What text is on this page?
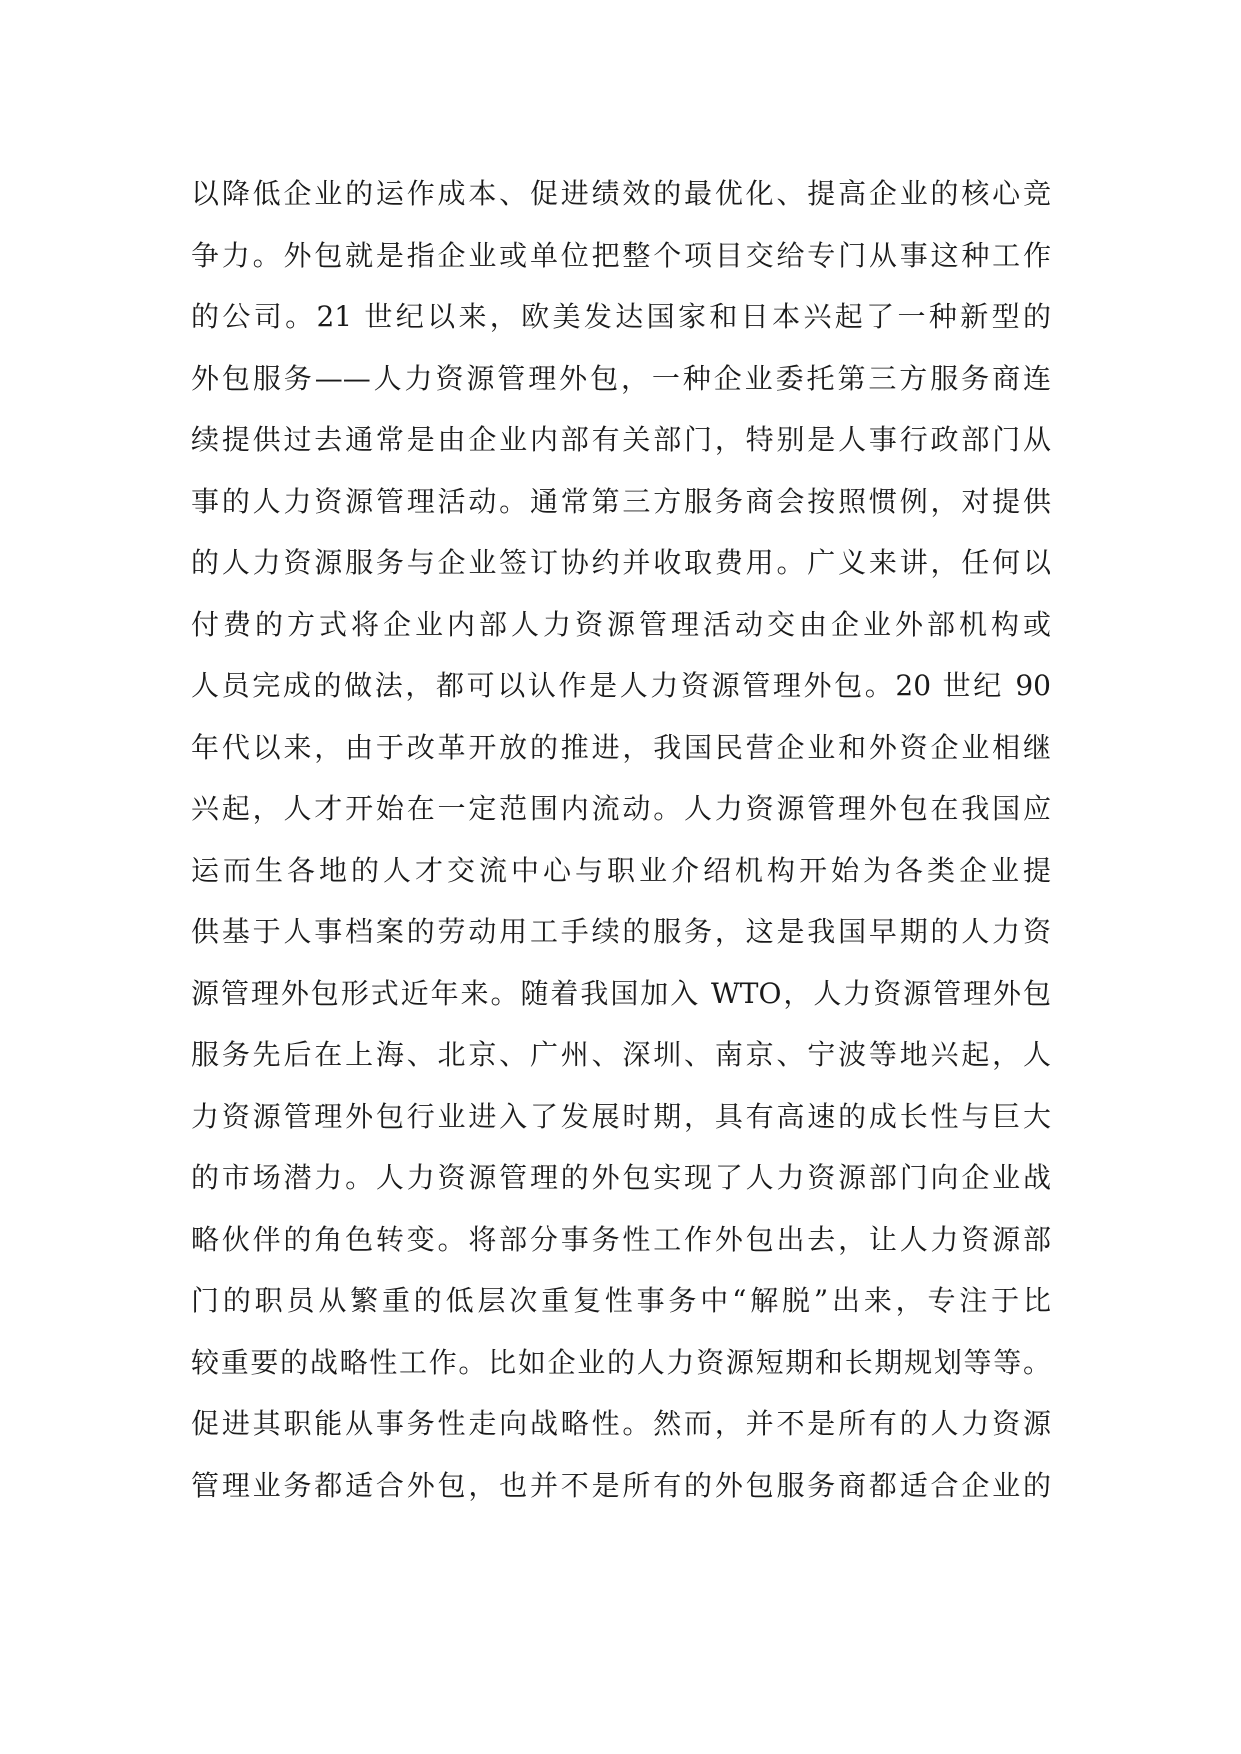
以降低企业的运作成本、促进绩效的最优化、提高企业的核心竞
争力。外包就是指企业或单位把整个项目交给专门从事这种工作
的公司。21 世纪以来，欧美发达国家和日本兴起了一种新型的
外包服务——人力资源管理外包，一种企业委托第三方服务商连
续提供过去通常是由企业内部有关部门，特别是人事行政部门从
事的人力资源管理活动。通常第三方服务商会按照惯例，对提供
的人力资源服务与企业签订协约并收取费用。广义来讲，任何以
付费的方式将企业内部人力资源管理活动交由企业外部机构或
人员完成的做法，都可以认作是人力资源管理外包。20 世纪 90
年代以来，由于改革开放的推进，我国民营企业和外资企业相继
兴起，人才开始在一定范围内流动。人力资源管理外包在我国应
运而生各地的人才交流中心与职业介绍机构开始为各类企业提
供基于人事档案的劳动用工手续的服务，这是我国早期的人力资
源管理外包形式近年来。随着我国加入 WTO，人力资源管理外包
服务先后在上海、北京、广州、深圳、南京、宁波等地兴起，人
力资源管理外包行业进入了发展时期，具有高速的成长性与巨大
的市场潜力。人力资源管理的外包实现了人力资源部门向企业战
略伙伴的角色转变。将部分事务性工作外包出去，让人力资源部
门的职员从繁重的低层次重复性事务中“解脱”出来，专注于比
较重要的战略性工作。比如企业的人力资源短期和长期规划等等。
促进其职能从事务性走向战略性。然而，并不是所有的人力资源
管理业务都适合外包，也并不是所有的外包服务商都适合企业的
